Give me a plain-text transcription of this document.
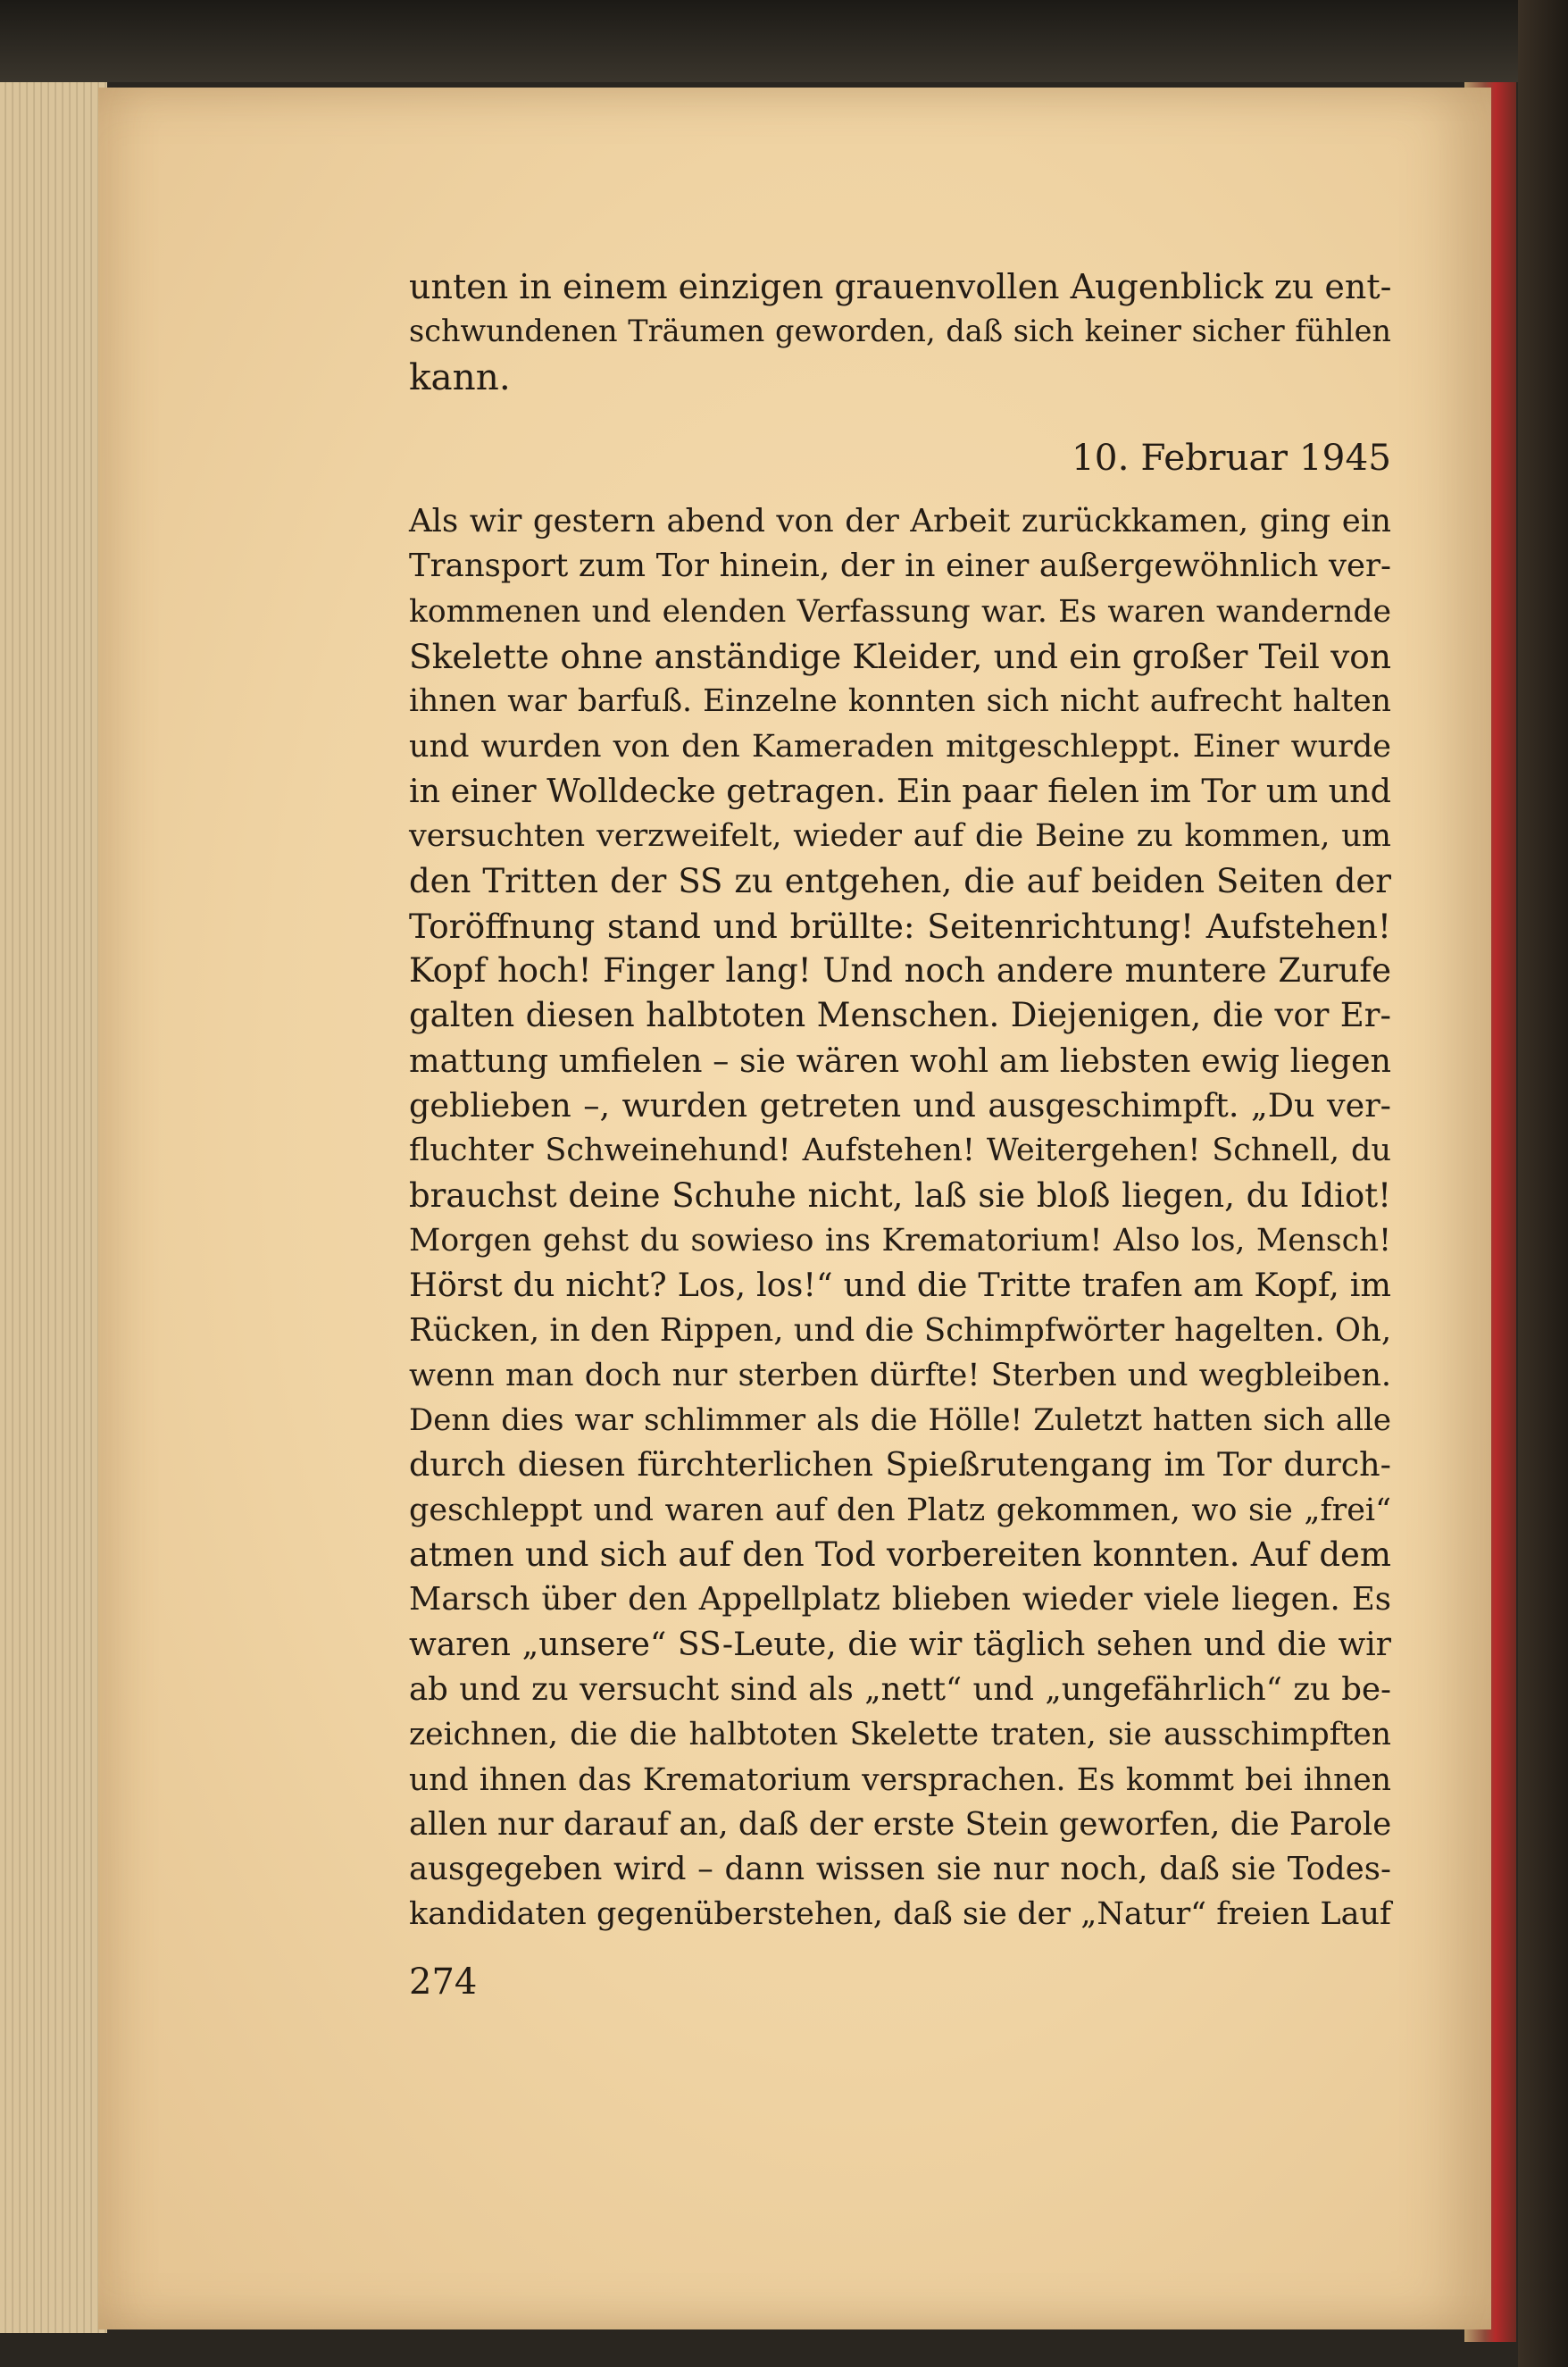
unten in einem einzigen grauenvollen Augenblick zu ent-
schwundenen Träumen geworden, daß sich keiner sicher fühlen
kann.
10. Februar 1945
Als wir gestern abend von der Arbeit zurückkamen, ging ein
Transport zum Tor hinein, der in einer außergewöhnlich ver-
kommenen und elenden Verfassung war. Es waren wandernde
Skelette ohne anständige Kleider, und ein großer Teil von
ihnen war barfuß. Einzelne konnten sich nicht aufrecht halten
und wurden von den Kameraden mitgeschleppt. Einer wurde
in einer Wolldecke getragen. Ein paar fielen im Tor um und
versuchten verzweifelt, wieder auf die Beine zu kommen, um
den Tritten der SS zu entgehen, die auf beiden Seiten der
Toröffnung stand und brüllte: Seitenrichtung! Aufstehen!
Kopf hoch! Finger lang! Und noch andere muntere Zurufe
galten diesen halbtoten Menschen. Diejenigen, die vor Er-
mattung umfielen – sie wären wohl am liebsten ewig liegen
geblieben –, wurden getreten und ausgeschimpft. „Du ver-
fluchter Schweinehund! Aufstehen! Weitergehen! Schnell, du
brauchst deine Schuhe nicht, laß sie bloß liegen, du Idiot!
Morgen gehst du sowieso ins Krematorium! Also los, Mensch!
Hörst du nicht? Los, los!“ und die Tritte trafen am Kopf, im
Rücken, in den Rippen, und die Schimpfwörter hagelten. Oh,
wenn man doch nur sterben dürfte! Sterben und wegbleiben.
Denn dies war schlimmer als die Hölle! Zuletzt hatten sich alle
durch diesen fürchterlichen Spießrutengang im Tor durch-
geschleppt und waren auf den Platz gekommen, wo sie „frei“
atmen und sich auf den Tod vorbereiten konnten. Auf dem
Marsch über den Appellplatz blieben wieder viele liegen. Es
waren „unsere“ SS-Leute, die wir täglich sehen und die wir
ab und zu versucht sind als „nett“ und „ungefährlich“ zu be-
zeichnen, die die halbtoten Skelette traten, sie ausschimpften
und ihnen das Krematorium versprachen. Es kommt bei ihnen
allen nur darauf an, daß der erste Stein geworfen, die Parole
ausgegeben wird – dann wissen sie nur noch, daß sie Todes-
kandidaten gegenüberstehen, daß sie der „Natur“ freien Lauf
274
